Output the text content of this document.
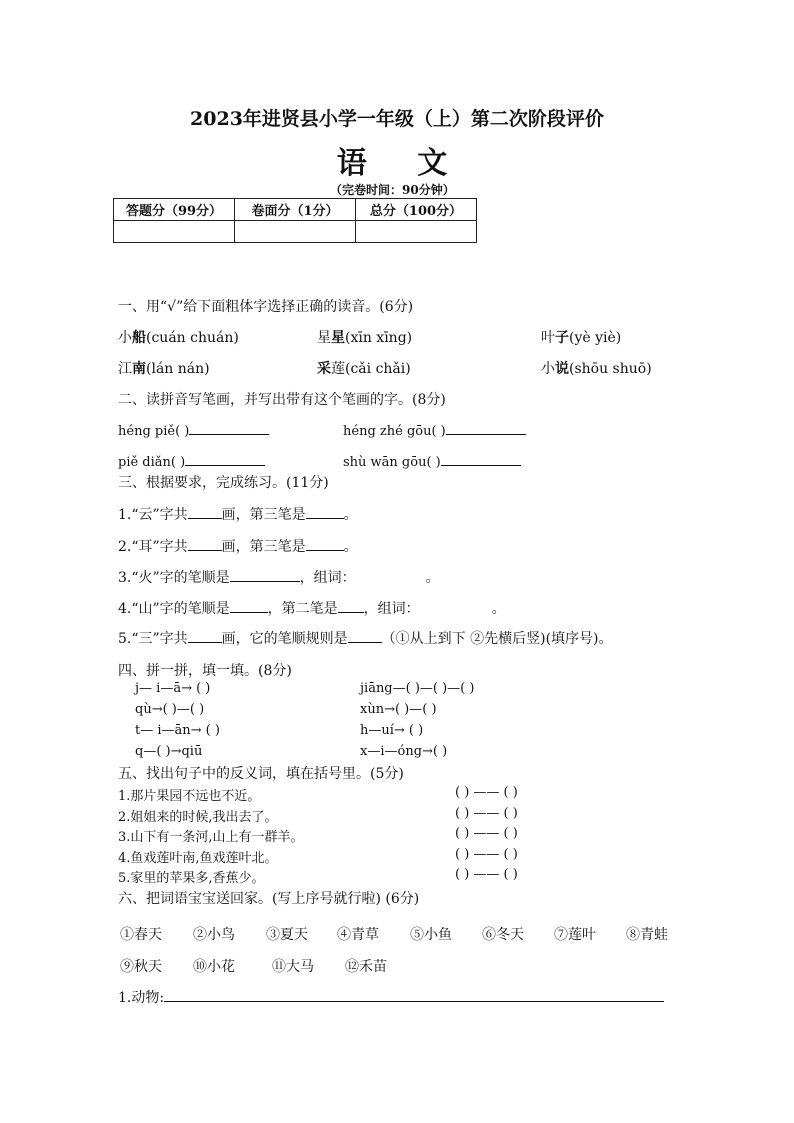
2023年进贤县小学一年级（上）第二次阶段评价
语 文
（完卷时间：90分钟）
答题分（99分）	卷面分（1分）	总分（100分）

一、用“√”给下面粗体字选择正确的读音。(6分)
小船(cuán chuán)	星星(xīn xīng)	叶子(yè yiè)
江南(lán nán)	采莲(cǎi chǎi)	小说(shōu shuō)
二、读拼音写笔画，并写出带有这个笔画的字。(8分)
héng piě( )	héng zhé gōu( )
piě diǎn( )	shù wān gōu( )
三、根据要求，完成练习。(11分)
1.“云”字共 画，第三笔是	。
2.“耳”字共 画，第三笔是	。
3.“火”字的笔顺是	，组词：	。
4.“山”字的笔顺是	，第二笔是 ，组词：	。
5.“三”字共 画，它的笔顺规则是 （①从上到下 ②先横后竖)(填序号)。
四、拼一拼，填一填。(8分)
j— i—ā→ ( )	jiāng—( )—( )—( )
qù→( )—( )	xùn→( )—( )
t— i—ān→ ( )	h—uí→ ( )
q—( )→qiū	x—i—óng→( )
五、找出句子中的反义词，填在括号里。(5分)
1.那片果园不远也不近。	( ) —— ( )
2.姐姐来的时候,我出去了。	( ) —— ( )
3.山下有一条河,山上有一群羊。	( ) —— ( )
4.鱼戏莲叶南,鱼戏莲叶北。	( ) —— ( )
5.家里的苹果多,香蕉少。	( ) —— ( )
六、把词语宝宝送回家。(写上序号就行啦) (6分)
①春天 ②小鸟 ③夏天 ④青草 ⑤小鱼 ⑥冬天 ⑦莲叶 ⑧青蛙
⑨秋天 ⑩小花	⑪大马 ⑫禾苗
1.动物:
